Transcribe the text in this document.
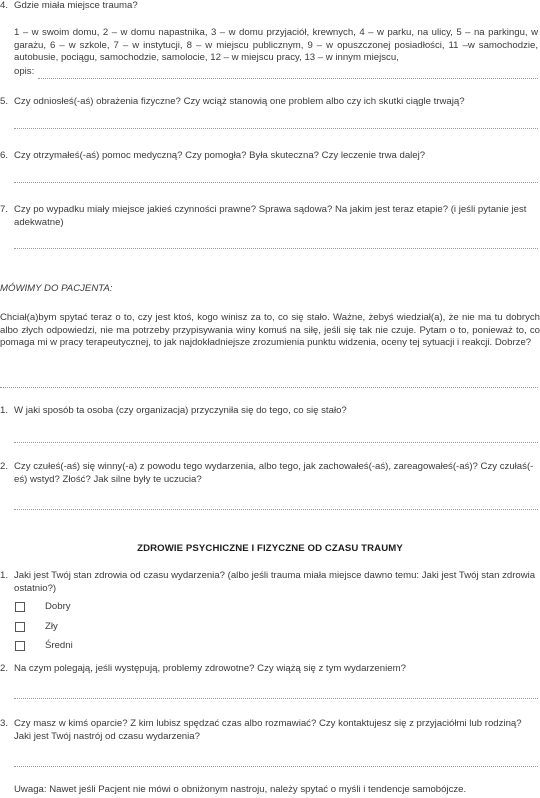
4. Gdzie miała miejsce trauma?
1 – w swoim domu, 2 – w domu napastnika, 3 – w domu przyjaciół, krewnych, 4 – w parku, na ulicy, 5 – na parkingu, w garażu, 6 – w szkole, 7 – w instytucji, 8 – w miejscu publicznym, 9 – w opuszczonej posiadłości, 11 –w samochodzie, autobusie, pociągu, samochodzie, samolocie, 12 – w miejscu pracy, 13 – w innym miejscu,
opis:
5. Czy odniosłeś(-aś) obrażenia fizyczne? Czy wciąż stanowią one problem albo czy ich skutki ciągle trwają?
6. Czy otrzymałeś(-aś) pomoc medyczną? Czy pomogła? Była skuteczna? Czy leczenie trwa dalej?
7. Czy po wypadku miały miejsce jakieś czynności prawne? Sprawa sądowa? Na jakim jest teraz etapie? (i jeśli pytanie jest adekwatne)
MÓWIMY DO PACJENTA:
Chciał(a)bym spytać teraz o to, czy jest ktoś, kogo winisz za to, co się stało. Ważne, żebyś wiedział(a), że nie ma tu dobrych albo złych odpowiedzi, nie ma potrzeby przypisywania winy komuś na siłę, jeśli się tak nie czuje. Pytam o to, ponieważ to, co pomaga mi w pracy terapeutycznej, to jak najdokładniejsze zrozumienia punktu widzenia, oceny tej sytuacji i reakcji. Dobrze?
1. W jaki sposób ta osoba (czy organizacja) przyczyniła się do tego, co się stało?
2. Czy czułeś(-aś) się winny(-a) z powodu tego wydarzenia, albo tego, jak zachowałeś(-aś), zareagowałeś(-aś)? Czy czułaś(-eś) wstyd? Złość? Jak silne były te uczucia?
ZDROWIE PSYCHICZNE I FIZYCZNE OD CZASU TRAUMY
1. Jaki jest Twój stan zdrowia od czasu wydarzenia? (albo jeśli trauma miała miejsce dawno temu: Jaki jest Twój stan zdrowia ostatnio?)
Dobry
Zły
Średni
2. Na czym polegają, jeśli występują, problemy zdrowotne? Czy wiążą się z tym wydarzeniem?
3. Czy masz w kimś oparcie? Z kim lubisz spędzać czas albo rozmawiać? Czy kontaktujesz się z przyjaciółmi lub rodziną? Jaki jest Twój nastrój od czasu wydarzenia?
Uwaga: Nawet jeśli Pacjent nie mówi o obniżonym nastroju, należy spytać o myśli i tendencje samobójcze.
